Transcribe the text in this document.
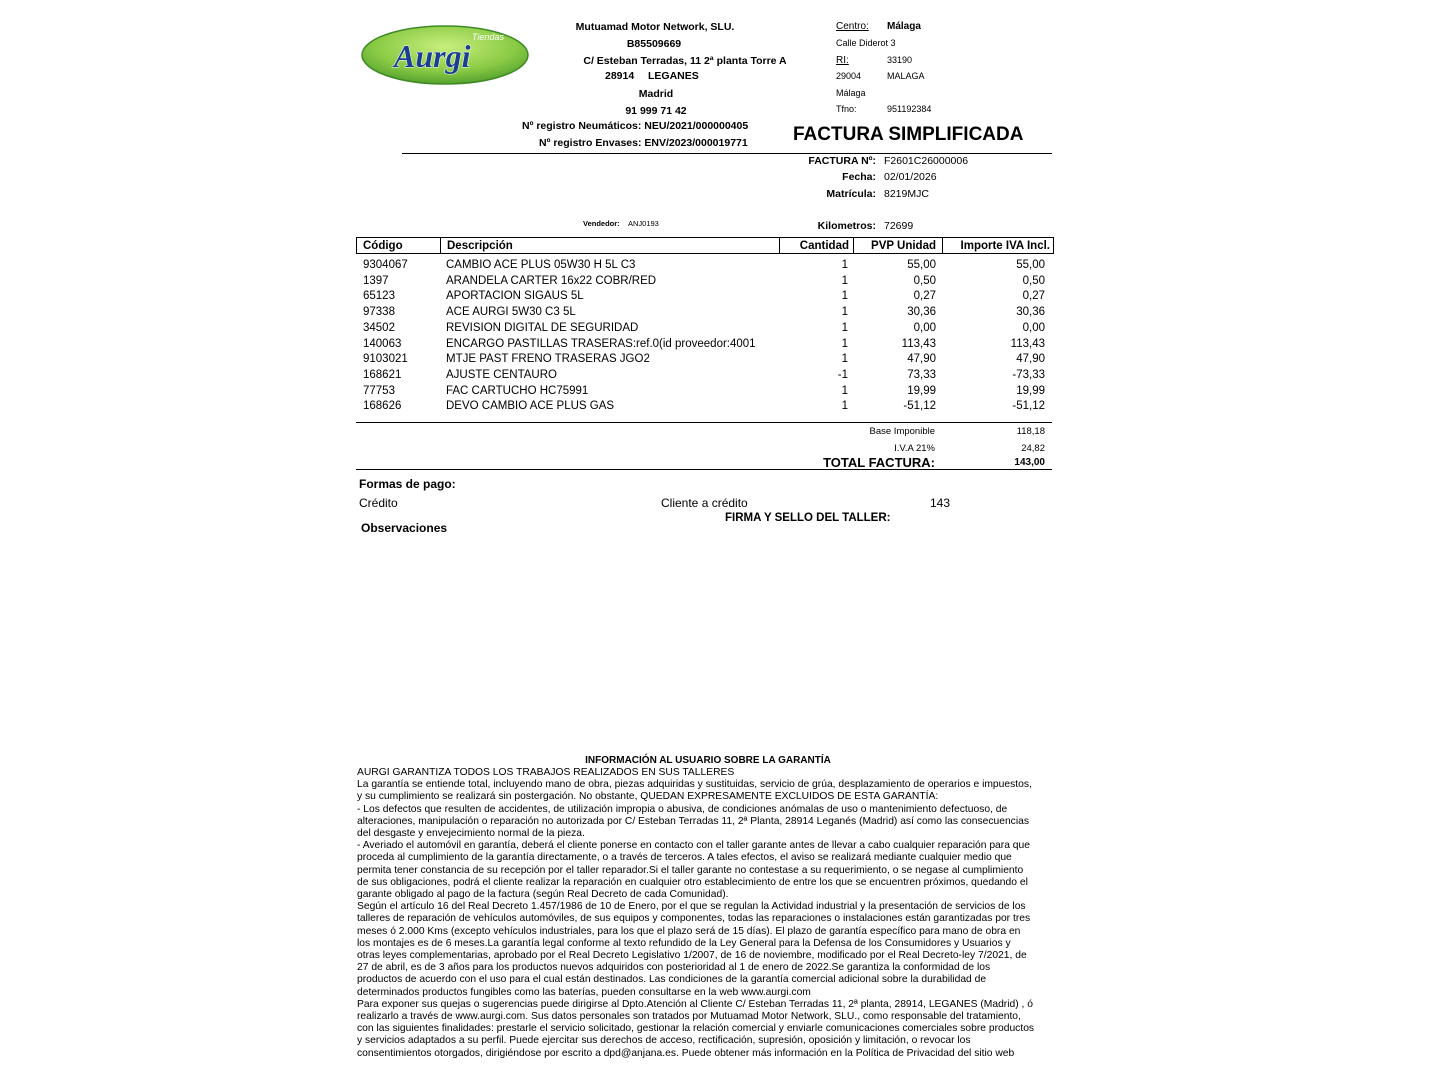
Tiendas
Aurgi
Mutuamad Motor Network, SLU.
B85509669
C/ Esteban Terradas, 11 2ª planta Torre A
28914 LEGANES
Madrid
91 999 71 42
Nº registro Neumáticos: NEU/2021/000000405
Nº registro Envases: ENV/2023/000019771
Centro: Málaga
Calle Diderot 3
RI:	33190
29004	MALAGA
Málaga
Tfno:	951192384
FACTURA SIMPLIFICADA
FACTURA Nº: F2601C26000006
Fecha: 02/01/2026
Matrícula: 8219MJC
Kilometros: 72699
Vendedor: ANJ0193
Código	Descripción	Cantidad	PVP Unidad	Importe IVA Incl.
9304067	CAMBIO ACE PLUS 05W30 H 5L C3	1	55,00	55,00
1397	ARANDELA CARTER 16x22 COBR/RED	1	0,50	0,50
65123	APORTACION SIGAUS 5L	1	0,27	0,27
97338	ACE AURGI 5W30 C3 5L	1	30,36	30,36
34502	REVISION DIGITAL DE SEGURIDAD	1	0,00	0,00
140063	ENCARGO PASTILLAS TRASERAS:ref.0(id proveedor:4001	1	113,43	113,43
9103021	MTJE PAST FRENO TRASERAS JGO2	1	47,90	47,90
168621	AJUSTE CENTAURO	-1	73,33	-73,33
77753	FAC CARTUCHO HC75991	1	19,99	19,99
168626	DEVO CAMBIO ACE PLUS GAS	1	-51,12	-51,12
Base Imponible	118,18
I.V.A 21%	24,82
TOTAL FACTURA:	143,00
Formas de pago:
Crédito	Cliente a crédito	143
FIRMA Y SELLO DEL TALLER:
Observaciones
INFORMACIÓN AL USUARIO SOBRE LA GARANTÍA
AURGI GARANTIZA TODOS LOS TRABAJOS REALIZADOS EN SUS TALLERES
La garantía se entiende total, incluyendo mano de obra, piezas adquiridas y sustituidas, servicio de grúa, desplazamiento de operarios e impuestos,
y su cumplimiento se realizará sin postergación. No obstante, QUEDAN EXPRESAMENTE EXCLUIDOS DE ESTA GARANTÍA:
- Los defectos que resulten de accidentes, de utilización impropia o abusiva, de condiciones anómalas de uso o mantenimiento defectuoso, de
alteraciones, manipulación o reparación no autorizada por C/ Esteban Terradas 11, 2ª Planta, 28914 Leganés (Madrid) así como las consecuencias
del desgaste y envejecimiento normal de la pieza.
- Averiado el automóvil en garantía, deberá el cliente ponerse en contacto con el taller garante antes de llevar a cabo cualquier reparación para que
proceda al cumplimiento de la garantía directamente, o a través de terceros. A tales efectos, el aviso se realizará mediante cualquier medio que
permita tener constancia de su recepción por el taller reparador.Si el taller garante no contestase a su requerimiento, o se negase al cumplimiento
de sus obligaciones, podrá el cliente realizar la reparación en cualquier otro establecimiento de entre los que se encuentren próximos, quedando el
garante obligado al pago de la factura (según Real Decreto de cada Comunidad).
Según el artículo 16 del Real Decreto 1.457/1986 de 10 de Enero, por el que se regulan la Actividad industrial y la presentación de servicios de los
talleres de reparación de vehículos automóviles, de sus equipos y componentes, todas las reparaciones o instalaciones están garantizadas por tres
meses ó 2.000 Kms (excepto vehículos industriales, para los que el plazo será de 15 días). El plazo de garantía específico para mano de obra en
los montajes es de 6 meses.La garantía legal conforme al texto refundido de la Ley General para la Defensa de los Consumidores y Usuarios y
otras leyes complementarias, aprobado por el Real Decreto Legislativo 1/2007, de 16 de noviembre, modificado por el Real Decreto-ley 7/2021, de
27 de abril, es de 3 años para los productos nuevos adquiridos con posterioridad al 1 de enero de 2022.Se garantiza la conformidad de los
productos de acuerdo con el uso para el cual están destinados. Las condiciones de la garantía comercial adicional sobre la durabilidad de
determinados productos fungibles como las baterías, pueden consultarse en la web www.aurgi.com
Para exponer sus quejas o sugerencias puede dirigirse al Dpto.Atención al Cliente C/ Esteban Terradas 11, 2ª planta, 28914, LEGANES (Madrid) , ó
realizarlo a través de www.aurgi.com. Sus datos personales son tratados por Mutuamad Motor Network, SLU., como responsable del tratamiento,
con las siguientes finalidades: prestarle el servicio solicitado, gestionar la relación comercial y enviarle comunicaciones comerciales sobre productos
y servicios adaptados a su perfil. Puede ejercitar sus derechos de acceso, rectificación, supresión, oposición y limitación, o revocar los
consentimientos otorgados, dirigiéndose por escrito a dpd@anjana.es. Puede obtener más información en la Política de Privacidad del sitio web
